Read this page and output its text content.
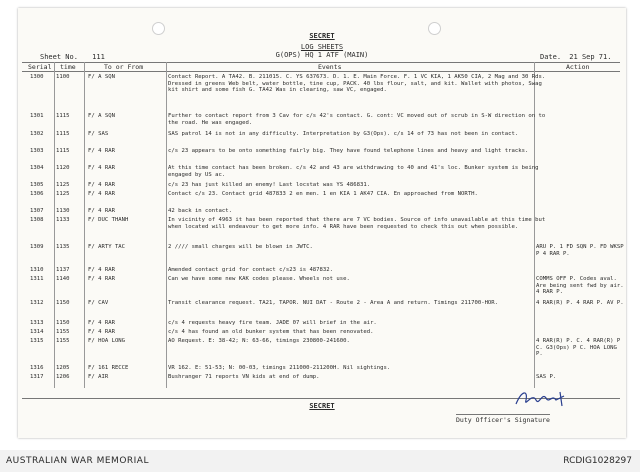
SECRET
LOG SHEETS
G(OPS) HQ 1 ATF (MAIN)
Sheet No. 111	Date. 21 Sep 71.
Serial time	To or From	Events	Action
1300	1100	F/ A SQN	Contact Report. A TA42. B. 211015. C. YS 637673. D. 1. E. Main Force. F. 1 VC KIA, 1 AK50 CIA, 2 Mag and 30 Rds. Dressed in greens Web belt, water bottle, tine cup, PACK. 40 lbs flour, salt, and kit. Wallet with photos, Swag kit shirt and some fish G. TA42 Was in clearing, saw VC, engaged.
1301	1115	F/ A SQN	Further to contact report from 3 Cav for c/s 42's contact. G. cont: VC moved out of scrub in S-W direction on to the road. He was engaged.
1302	1115	F/ SAS	SAS patrol 14 is not in any difficulty. Interpretation by G3(Ops). c/s 14 of 73 has not been in contact.
1303	1115	F/ 4 RAR	c/s 23 appears to be onto something fairly big. They have found telephone lines and heavy and light tracks.
1304	1120	F/ 4 RAR	At this time contact has been broken. c/s 42 and 43 are withdrawing to 40 and 41's loc. Bunker system is being engaged by US ac.
1305	1125	F/ 4 RAR	c/s 23 has just killed an enemy! Last locstat was YS 486831.
1306	1125	F/ 4 RAR	Contact c/s 23. Contact grid 487833 2 en men. 1 en KIA 1 AK47 CIA. En approached from NORTH.
1307	1130	F/ 4 RAR	42 back in contact.
1308	1133	F/ DUC THANH	In vicinity of 4963 it has been reported that there are 7 VC bodies. Source of info unavailable at this time but when located will endeavour to get more info. 4 RAR have been requested to check this out when possible.
1309	1135	F/ ARTY TAC	2 //// small charges will be blown in JWTC.	ARU P. 1 FD SQN P. FD WKSP P 4 RAR P.
1310	1137	F/ 4 RAR	Amended contact grid for contact c/s23 is 487832.
1311	1140	F/ 4 RAR	Can we have some new KAK codes please. Wheels not use.	COMMS OFF P. Codes aval. Are being sent fwd by air. 4 RAR P.
1312	1150	F/ CAV	Transit clearance request. TA21, TAPOR. NUI DAT - Route 2 - Area A and return. Timings 211700-HOR.	4 RAR(R) P. 4 RAR P. AV P.
1313	1150	F/ 4 RAR	c/s 4 requests heavy fire team. JADE 07 will brief in the air.
1314	1155	F/ 4 RAR	c/s 4 has found an old bunker system that has been renovated.
1315	1155	F/ HOA LONG	AO Request. E: 38-42; N: 63-66, timings 230800-241600.	4 RAR(R) P. C. 4 RAR(R) P C. G3(Ops) P C. HOA LONG P.
1316	1205	F/ 161 RECCE	VR 162. E: 51-53; N: 00-03, timings 211000-211200H. Nil sightings.
1317	1206	F/ AIR	Bushranger 71 reports VN kids at end of dump.	SAS P.
SECRET
Duty Officer's Signature
AUSTRALIAN WAR MEMORIAL	RCDIG1028297
